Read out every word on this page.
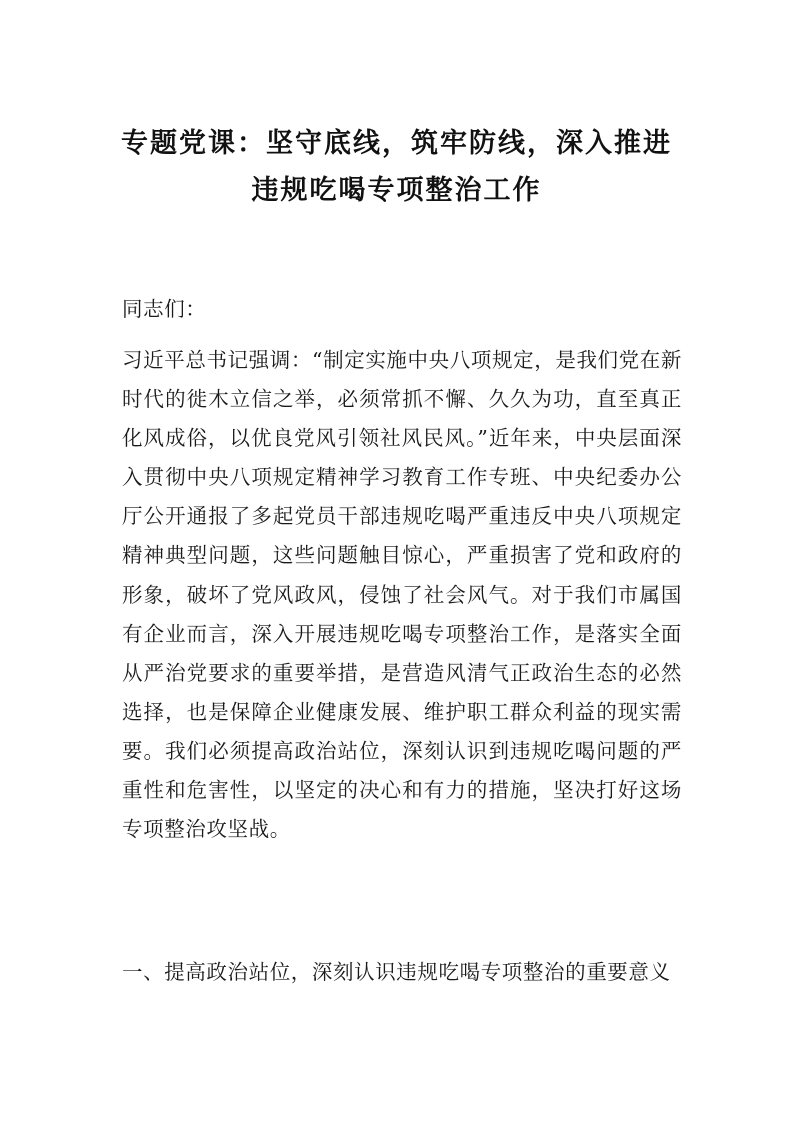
专题党课：坚守底线，筑牢防线，深入推进
违规吃喝专项整治工作
同志们：
习近平总书记强调：“制定实施中央八项规定，是我们党在新时代的徙木立信之举，必须常抓不懈、久久为功，直至真正化风成俗，以优良党风引领社风民风。”近年来，中央层面深入贯彻中央八项规定精神学习教育工作专班、中央纪委办公厅公开通报了多起党员干部违规吃喝严重违反中央八项规定精神典型问题，这些问题触目惊心，严重损害了党和政府的形象，破坏了党风政风，侵蚀了社会风气。对于我们市属国有企业而言，深入开展违规吃喝专项整治工作，是落实全面从严治党要求的重要举措，是营造风清气正政治生态的必然选择，也是保障企业健康发展、维护职工群众利益的现实需要。我们必须提高政治站位，深刻认识到违规吃喝问题的严重性和危害性，以坚定的决心和有力的措施，坚决打好这场专项整治攻坚战。
一、提高政治站位，深刻认识违规吃喝专项整治的重要意义
